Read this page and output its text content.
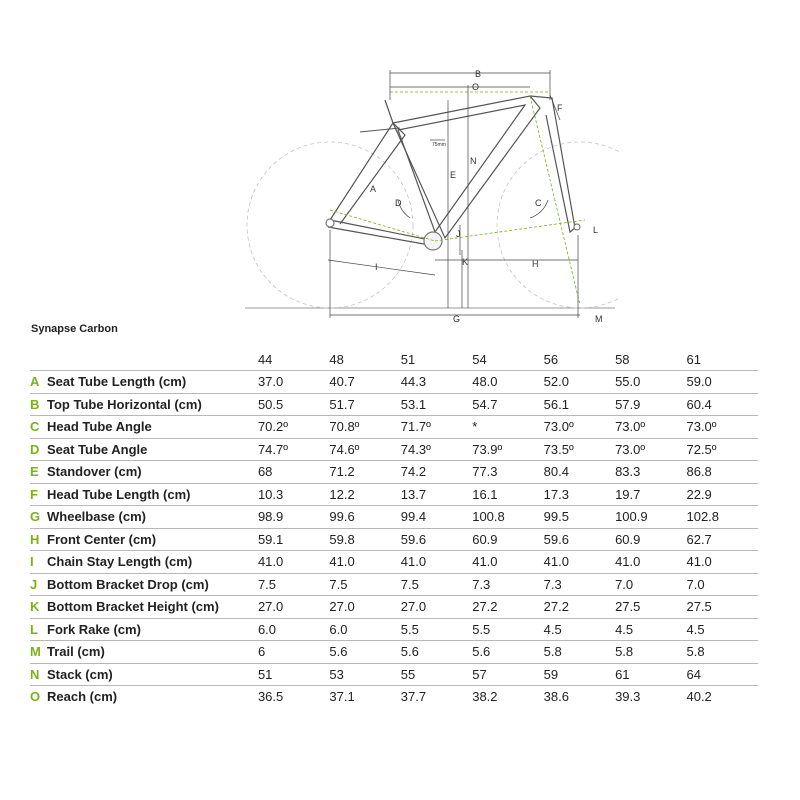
B
O
F
75mm
N
E
A
D	C
J	L
K	H
I
G	M

Synapse Carbon

	44	48	51	54	56	58	61
A Seat Tube Length (cm)	37.0	40.7	44.3	48.0	52.0	55.0	59.0
B Top Tube Horizontal (cm)	50.5	51.7	53.1	54.7	56.1	57.9	60.4
C Head Tube Angle	70.2º	70.8º	71.7º	*	73.0º	73.0º	73.0º
D Seat Tube Angle	74.7º	74.6º	74.3º	73.9º	73.5º	73.0º	72.5º
E Standover (cm)	68	71.2	74.2	77.3	80.4	83.3	86.8
F Head Tube Length (cm)	10.3	12.2	13.7	16.1	17.3	19.7	22.9
G Wheelbase (cm)	98.9	99.6	99.4	100.8	99.5	100.9	102.8
H Front Center (cm)	59.1	59.8	59.6	60.9	59.6	60.9	62.7
I Chain Stay Length (cm)	41.0	41.0	41.0	41.0	41.0	41.0	41.0
J Bottom Bracket Drop (cm)	7.5	7.5	7.5	7.3	7.3	7.0	7.0
K Bottom Bracket Height (cm)	27.0	27.0	27.0	27.2	27.2	27.5	27.5
L Fork Rake (cm)	6.0	6.0	5.5	5.5	4.5	4.5	4.5
M Trail (cm)	6	5.6	5.6	5.6	5.8	5.8	5.8
N Stack (cm)	51	53	55	57	59	61	64
O Reach (cm)	36.5	37.1	37.7	38.2	38.6	39.3	40.2
